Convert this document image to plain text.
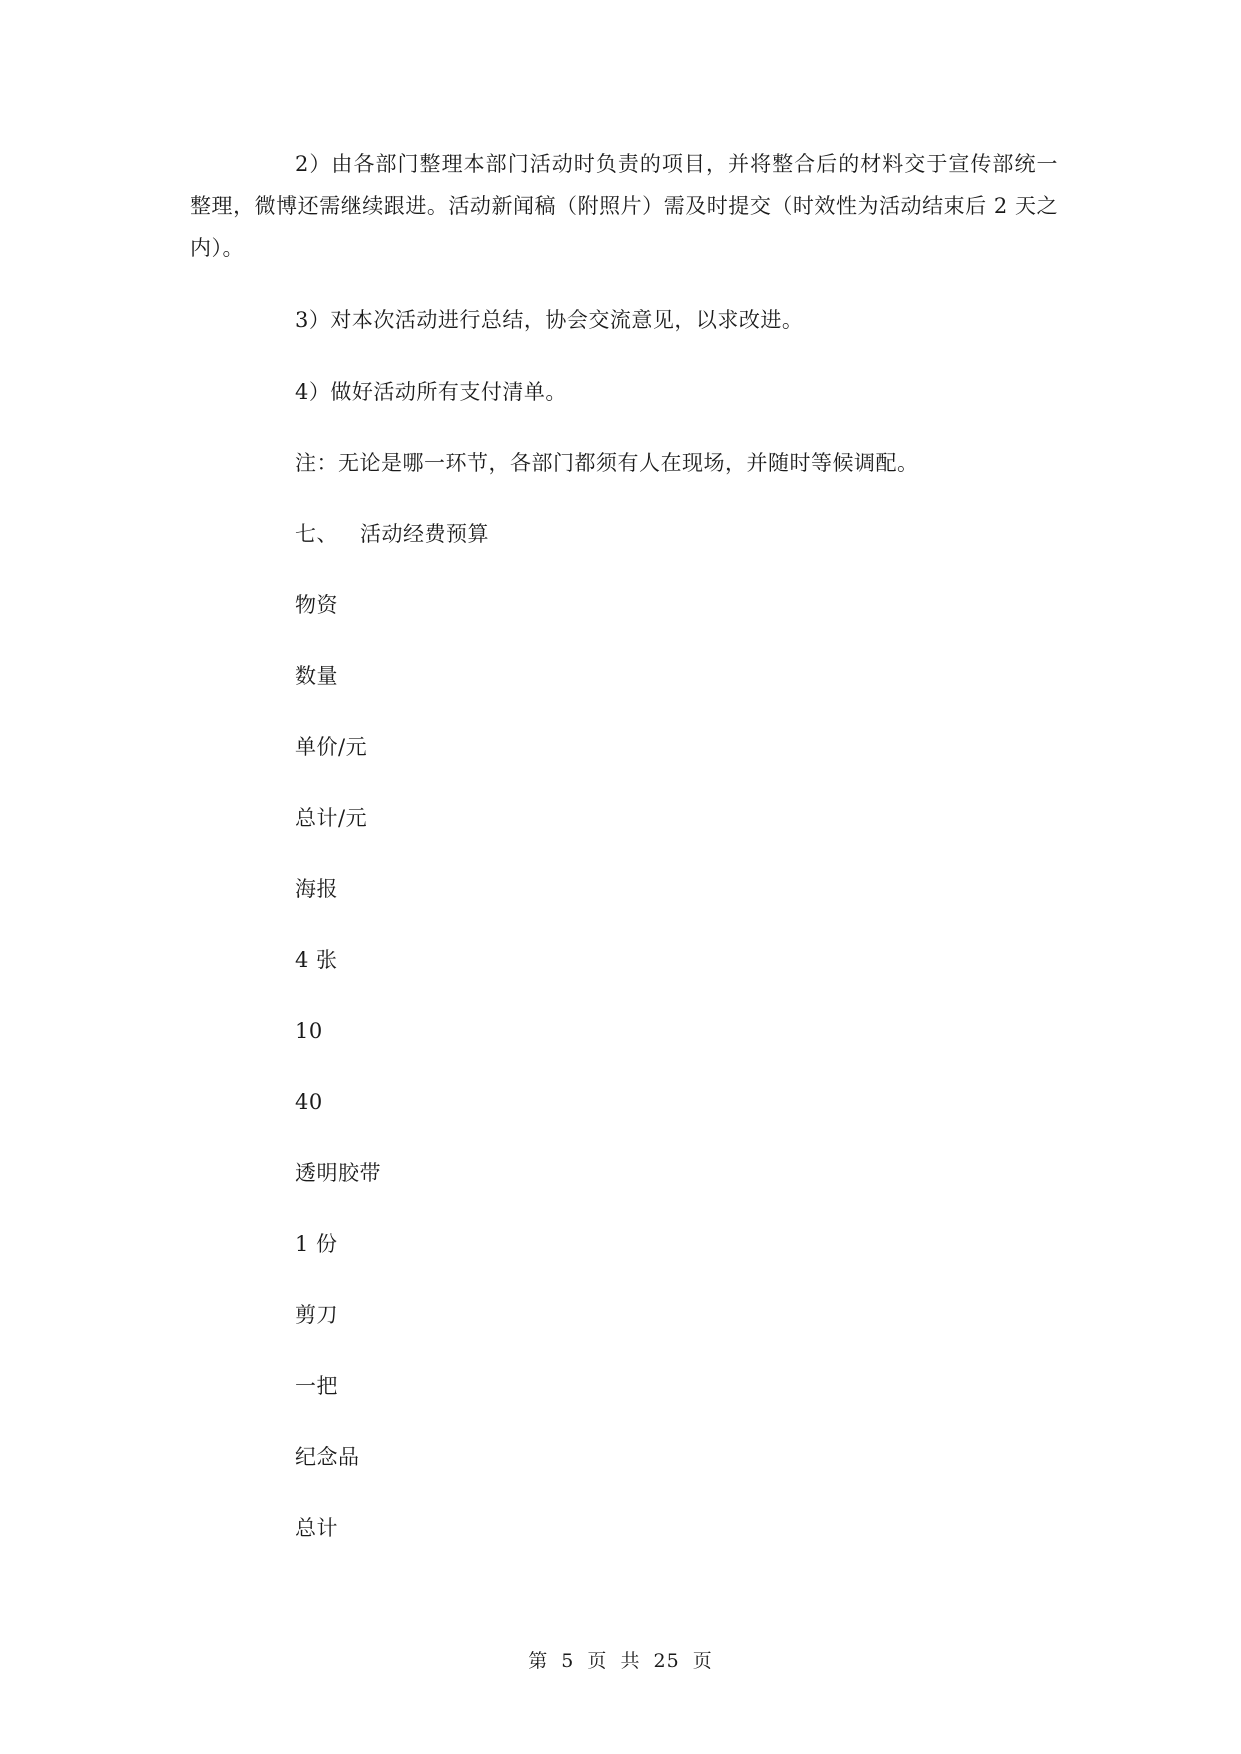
2）由各部门整理本部门活动时负责的项目，并将整合后的材料交于宣传部统一整理，微博还需继续跟进。活动新闻稿（附照片）需及时提交（时效性为活动结束后 2 天之内）。

3）对本次活动进行总结，协会交流意见，以求改进。

4）做好活动所有支付清单。

注：无论是哪一环节，各部门都须有人在现场，并随时等候调配。

七、 活动经费预算

物资

数量

单价/元

总计/元

海报

4 张

10

40

透明胶带

1 份

剪刀

一把

纪念品

总计

第 5 页 共 25 页
